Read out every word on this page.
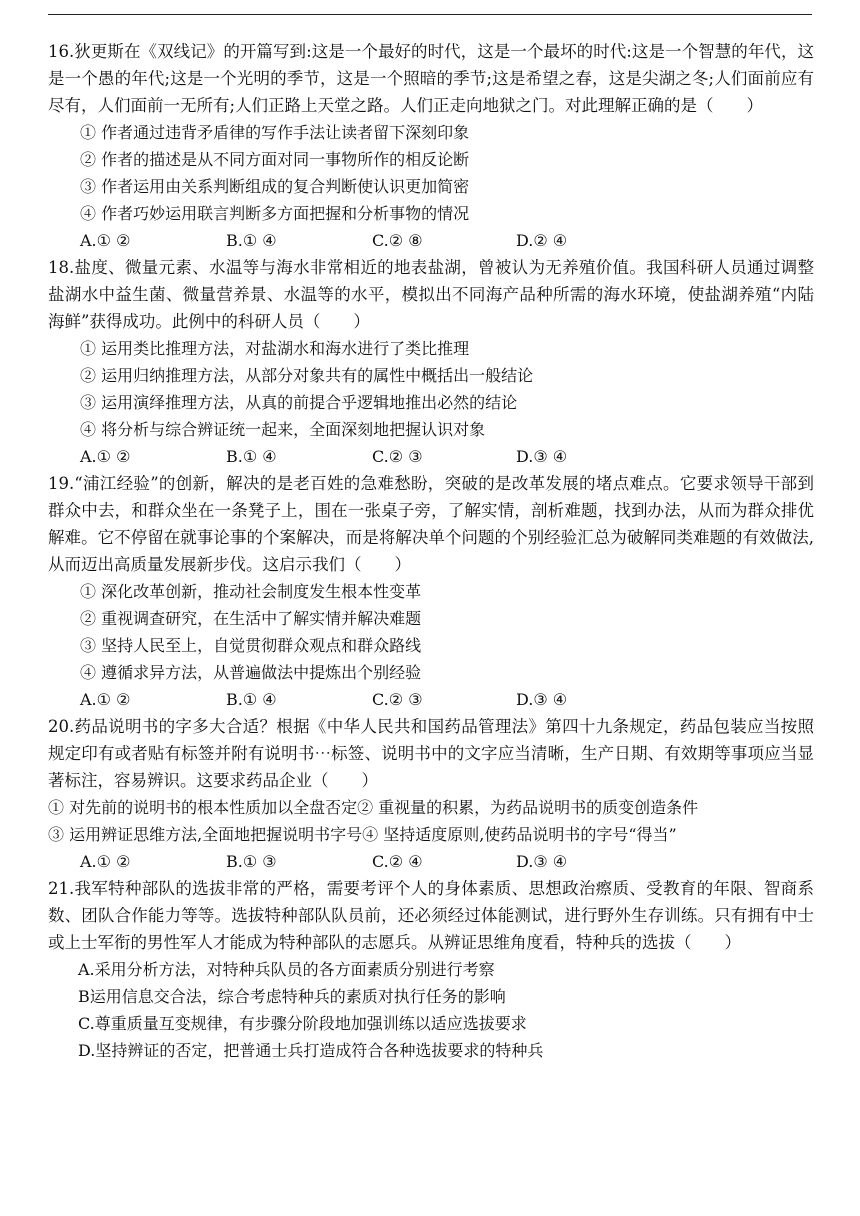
16.狄更斯在《双线记》的开篇写到:这是一个最好的时代，这是一个最坏的时代:这是一个智慧的年代，这是一个愚的年代;这是一个光明的季节，这是一个照暗的季节;这是希望之春，这是尖湖之冬;人们面前应有尽有，人们面前一无所有;人们正路上天堂之路。人们正走向地狱之门。对此理解正确的是（　　）

① 作者通过违背矛盾律的写作手法让读者留下深刻印象

② 作者的描述是从不同方面对同一事物所作的相反论断

③ 作者运用由关系判断组成的复合判断使认识更加简密

④ 作者巧妙运用联言判断多方面把握和分析事物的情况

A.① ②	B.① ④	C.② ⑧	D.② ④

18.盐度、微量元素、水温等与海水非常相近的地表盐湖，曾被认为无养殖价值。我国科研人员通过调整盐湖水中益生菌、微量营养景、水温等的水平，模拟出不同海产品种所需的海水环境，使盐湖养殖“内陆海鲜”获得成功。此例中的科研人员（　　）

① 运用类比推理方法，对盐湖水和海水进行了类比推理

② 运用归纳推理方法，从部分对象共有的属性中概括出一般结论

③ 运用演绎推理方法，从真的前提合乎逻辑地推出必然的结论

④ 将分析与综合辨证统一起来，全面深刻地把握认识对象

A.① ②	B.① ④	C.② ③	D.③ ④

19.“浦江经验”的创新，解决的是老百姓的急难愁盼，突破的是改革发展的堵点难点。它要求领导干部到群众中去，和群众坐在一条凳子上，围在一张桌子旁，了解实情，剖析难题，找到办法，从而为群众排优解难。它不停留在就事论事的个案解决，而是将解决单个问题的个别经验汇总为破解同类难题的有效做法,从而迈出高质量发展新步伐。这启示我们（　　）

① 深化改革创新，推动社会制度发生根本性变革

② 重视调查研究，在生活中了解实情并解决难题

③ 坚持人民至上，自觉贯彻群众观点和群众路线

④ 遵循求异方法，从普遍做法中提炼出个别经验

A.① ②	B.① ④	C.② ③	D.③ ④

20.药品说明书的字多大合适？根据《中华人民共和国药品管理法》第四十九条规定，药品包装应当按照规定印有或者贴有标签并附有说明书⋯标签、说明书中的文字应当清晰，生产日期、有效期等事项应当显著标注，容易辨识。这要求药品企业（　　）

① 对先前的说明书的根本性质加以全盘否定② 重视量的积累，为药品说明书的质变创造条件

③ 运用辨证思维方法,全面地把握说明书字号④ 坚持适度原则,使药品说明书的字号“得当”

A.① ②	B.① ③	C.② ④	D.③ ④

21.我军特种部队的选拔非常的严格，需要考评个人的身体素质、思想政治瘵质、受教育的年限、智商系数、团队合作能力等等。选拔特种部队队员前，还必须经过体能测试，进行野外生存训练。只有拥有中士或上士军衔的男性军人才能成为特种部队的志愿兵。从辨证思维角度看，特种兵的选拔（　　）

A.采用分析方法，对特种兵队员的各方面素质分别进行考察

B运用信息交合法，综合考虑特种兵的素质对执行任务的影响

C.尊重质量互变规律，有步骤分阶段地加强训练以适应选拔要求

D.坚持辨证的否定，把普通士兵打造成符合各种选拔要求的特种兵
